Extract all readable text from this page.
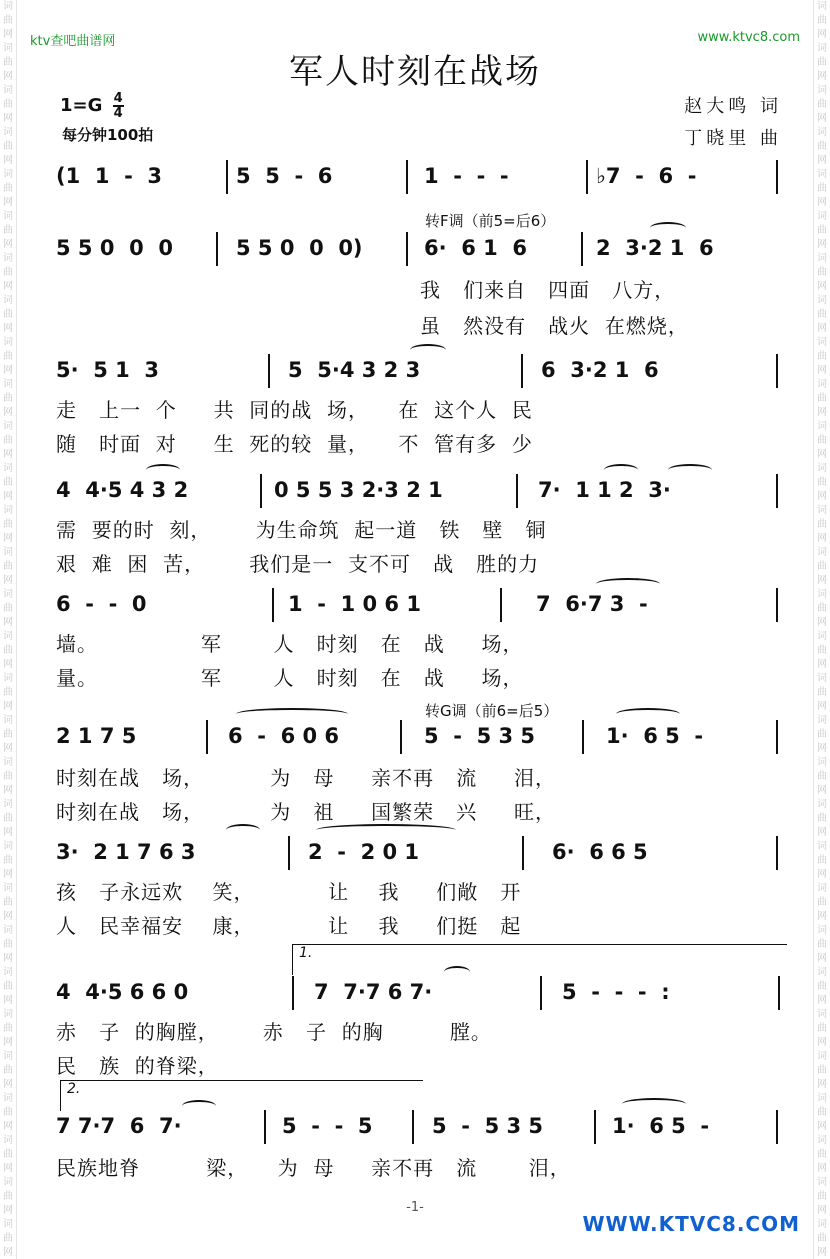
词曲网词曲网词曲网词曲网词曲网词曲网词曲网词曲网词曲网词曲网词曲网词曲网词曲网词曲网词曲网词曲网词曲网词曲网词曲网词曲网词曲网词曲网词曲网词曲网词曲网词曲网词曲网词曲网词曲网词曲网
词曲网词曲网词曲网词曲网词曲网词曲网词曲网词曲网词曲网词曲网词曲网词曲网词曲网词曲网词曲网词曲网词曲网词曲网词曲网词曲网词曲网词曲网词曲网词曲网词曲网词曲网词曲网词曲网词曲网词曲网
ktv查吧曲谱网	www.ktvc8.com
军人时刻在战场
$1=G \frac{4}{4}$
每分钟100拍
赵大鸣 词
丁晓里 曲
(1  1  -  3	5  5  -  6	1  -  -  -	♭7  -  6  -
转F调（前5=后6）
5 5 0  0  0	5 5 0  0  0)	6·  6 1  6	2  3·2 1  6
我   们来自   四面   八方，
虽   然没有   战火  在燃烧，
5·  5 1  3	5  5·4 3 2 3	6  3·2 1  6
走   上一  个     共  同的战  场，    在  这个人  民
随   时面  对     生  死的较  量，    不  管有多  少
4  4·5 4 3 2	0 5 5 3 2·3 2 1	7·  1 1 2  3·
需  要的时  刻，      为生命筑  起一道   铁   壁   铜
艰  难  困  苦，      我们是一  支不可   战   胜的力
6  -  -  0	1  -  1 0 6 1	7  6·7 3  -
墙。              军       人   时刻   在   战     场，
量。              军       人   时刻   在   战     场，
转G调（前6=后5）
2 1 7 5	6  -  6 0 6	5  -  5 3 5	1·  6 5  -
时刻在战   场，         为   母     亲不再   流     泪，
时刻在战   场，         为   祖     国繁荣   兴     旺，
3·  2 1 7 6 3	2  -  2 0 1	6·  6 6 5
孩   子永远欢    笑，          让    我     们敞   开
人   民幸福安    康，          让    我     们挺   起
1.
4  4·5 6 6 0	7  7·7 6 7·	5  -  -  -  :
赤   子  的胸膛，      赤   子  的胸         膛。
民   族  的脊梁，
2.
7 7·7  6  7·	5  -  -  5	5  -  5 3 5	1·  6 5  -
民族地脊         梁，    为  母     亲不再   流       泪，
-1-
WWW.KTVC8.COM
